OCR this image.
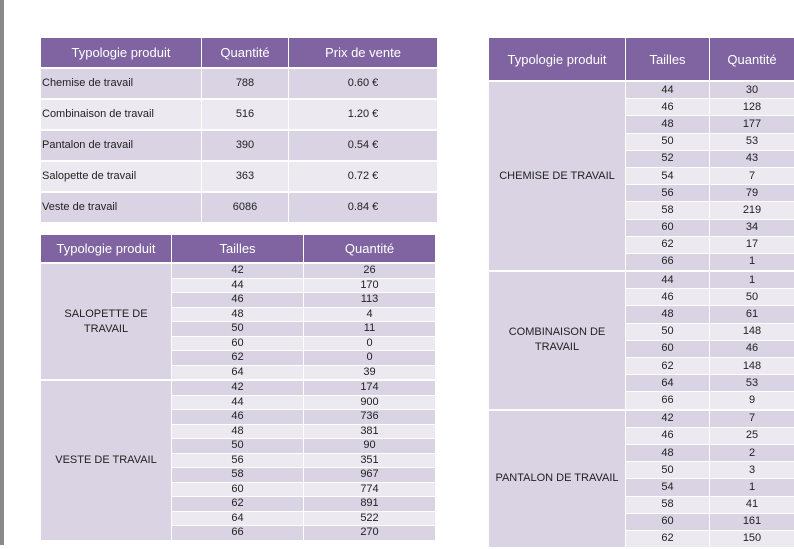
Typologie produit	Quantité	Prix de vente
Chemise de travail	788	0.60 €
Combinaison de travail	516	1.20 €
Pantalon de travail	390	0.54 €
Salopette de travail	363	0.72 €
Veste de travail	6086	0.84 €
Typologie produit	Tailles	Quantité
SALOPETTE DE TRAVAIL	42	26
	44	170
	46	113
	48	4
	50	11
	60	0
	62	0
	64	39
VESTE DE TRAVAIL	42	174
	44	900
	46	736
	48	381
	50	90
	56	351
	58	967
	60	774
	62	891
	64	522
	66	270
Typologie produit	Tailles	Quantité
CHEMISE DE TRAVAIL	44	30
	46	128
	48	177
	50	53
	52	43
	54	7
	56	79
	58	219
	60	34
	62	17
	66	1
COMBINAISON DE TRAVAIL	44	1
	46	50
	48	61
	50	148
	60	46
	62	148
	64	53
	66	9
PANTALON DE TRAVAIL	42	7
	46	25
	48	2
	50	3
	54	1
	58	41
	60	161
	62	150
